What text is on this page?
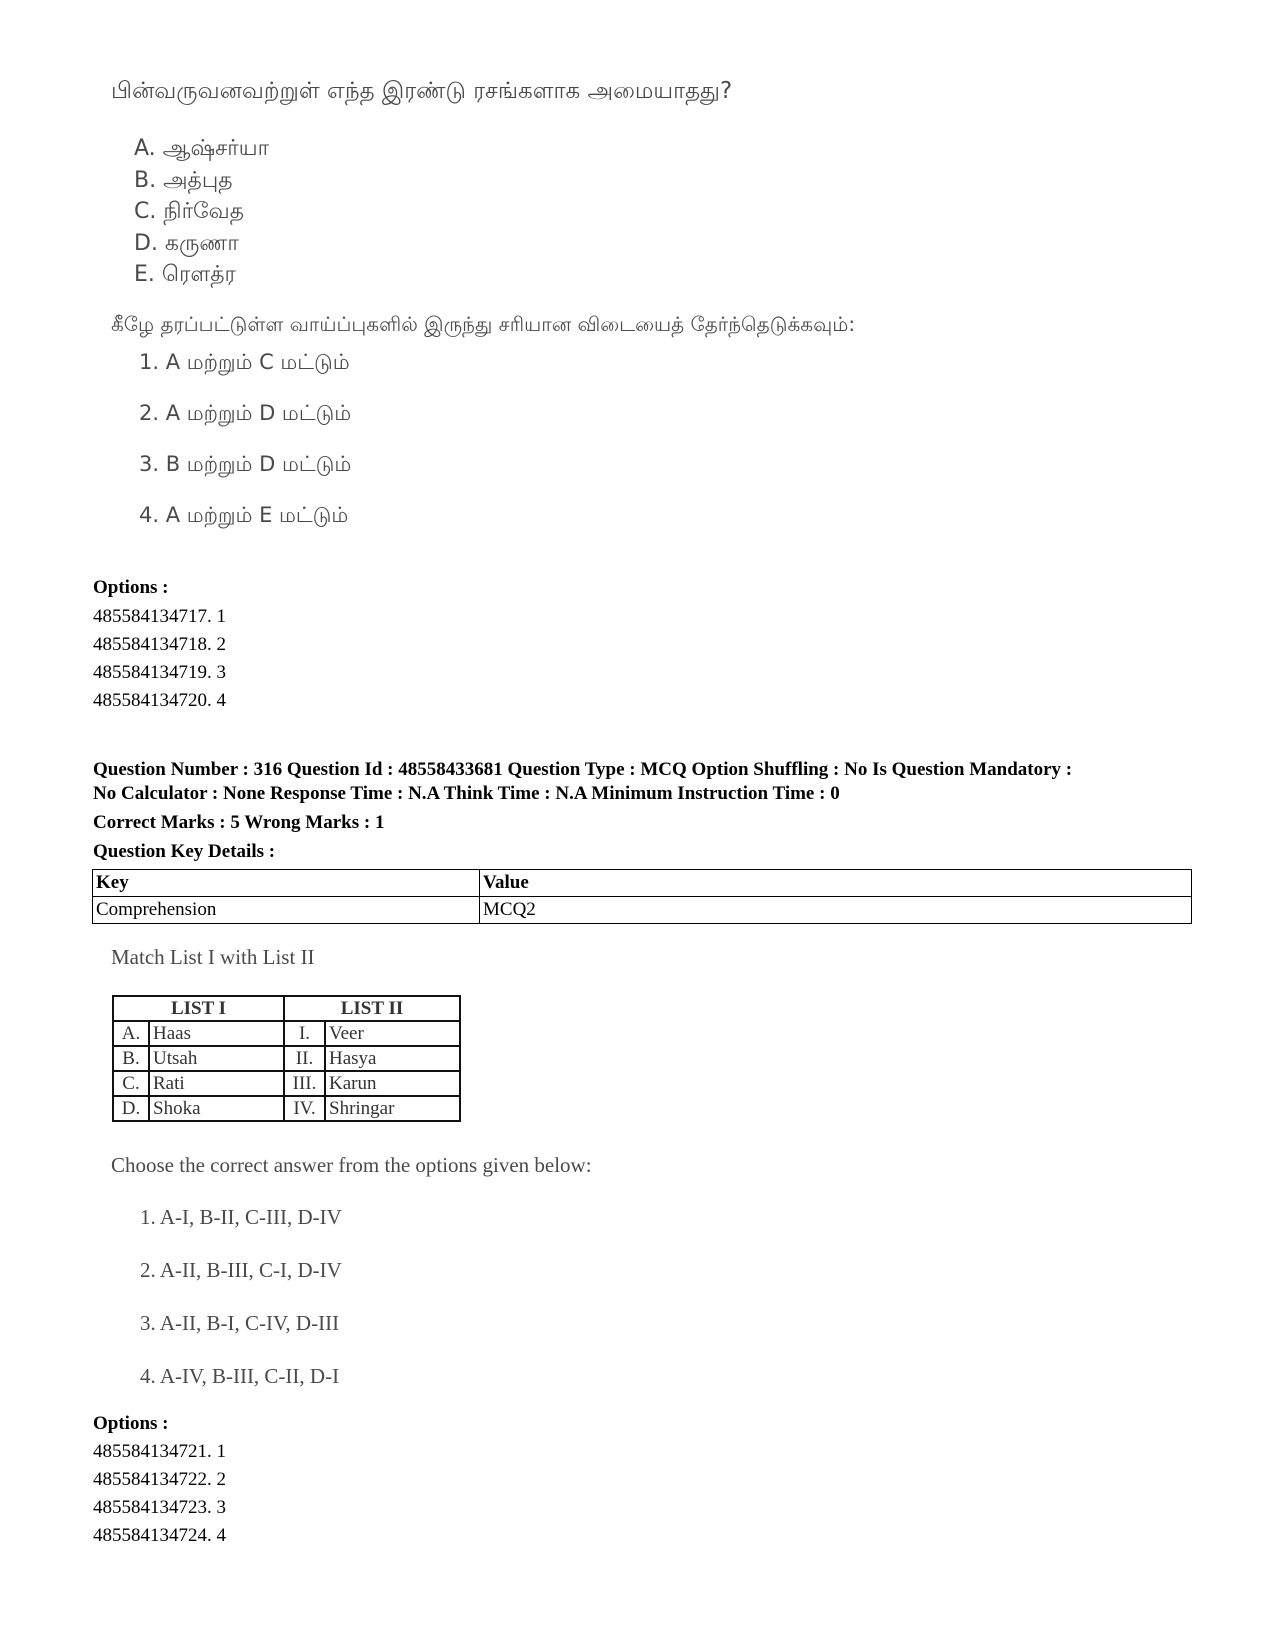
பின்வருவனவற்றுள் எந்த இரண்டு ரசங்களாக அமையாதது?
A. ஆஷ்சர்யா
B. அத்புத
C. நிர்வேத
D. கருணா
E. ரௌத்ர
கீழே தரப்பட்டுள்ள வாய்ப்புகளில் இருந்து சரியான விடையைத் தேர்ந்தெடுக்கவும்:
1. A மற்றும் C மட்டும்
2. A மற்றும் D மட்டும்
3. B மற்றும் D மட்டும்
4. A மற்றும் E மட்டும்
Options :
485584134717. 1
485584134718. 2
485584134719. 3
485584134720. 4
Question Number : 316 Question Id : 48558433681 Question Type : MCQ Option Shuffling : No Is Question Mandatory :
No Calculator : None Response Time : N.A Think Time : N.A Minimum Instruction Time : 0
Correct Marks : 5 Wrong Marks : 1
Question Key Details :
Key	Value
Comprehension	MCQ2
Match List I with List II
LIST I		LIST II	
A.	Haas	I.	Veer
B.	Utsah	II.	Hasya
C.	Rati	III.	Karun
D.	Shoka	IV.	Shringar
Choose the correct answer from the options given below:
1. A-I, B-II, C-III, D-IV
2. A-II, B-III, C-I, D-IV
3. A-II, B-I, C-IV, D-III
4. A-IV, B-III, C-II, D-I
Options :
485584134721. 1
485584134722. 2
485584134723. 3
485584134724. 4
